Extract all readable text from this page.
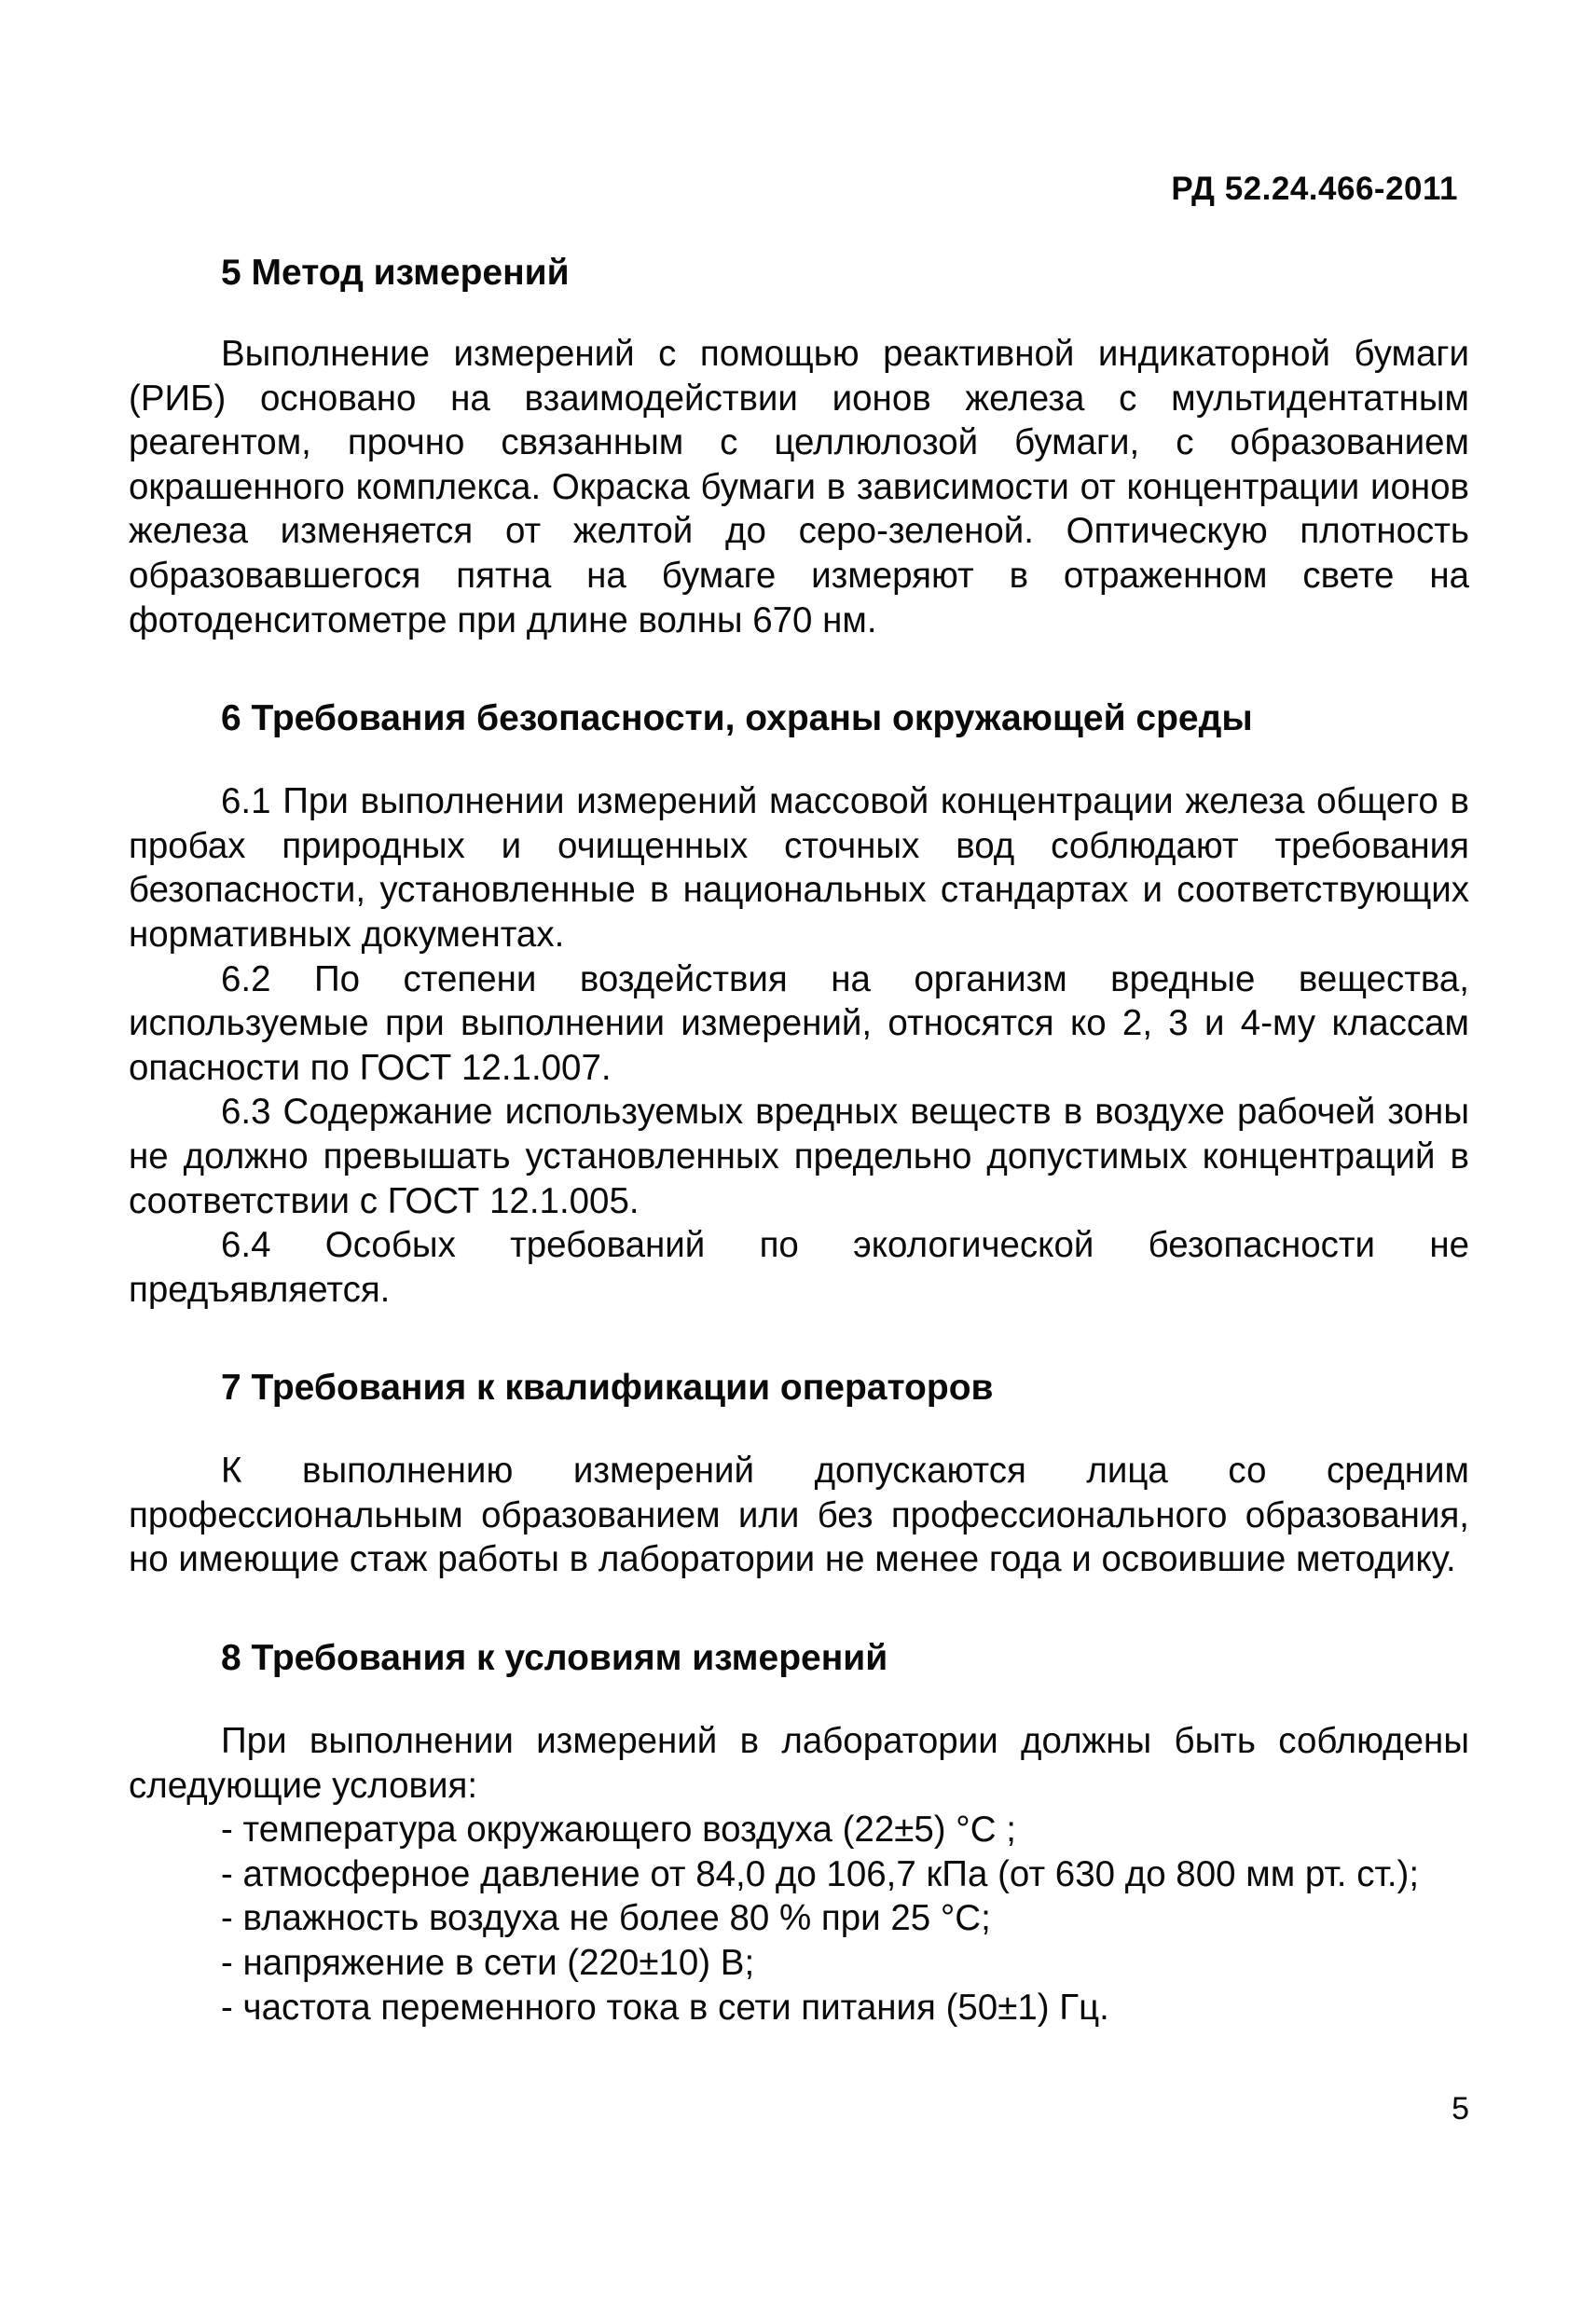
РД 52.24.466-2011
5 Метод измерений

Выполнение измерений с помощью реактивной индикаторной бумаги (РИБ) основано на взаимодействии ионов железа с мультидентатным реагентом, прочно связанным с целлюлозой бумаги, с образованием окрашенного комплекса. Окраска бумаги в зависимости от концентрации ионов железа изменяется от желтой до серо-зеленой. Оптическую плотность образовавшегося пятна на бумаге измеряют в отраженном свете на фотоденситометре при длине волны 670 нм.

6 Требования безопасности, охраны окружающей среды

6.1 При выполнении измерений массовой концентрации железа общего в пробах природных и очищенных сточных вод соблюдают требования безопасности, установленные в национальных стандартах и соответствующих нормативных документах.

6.2 По степени воздействия на организм вредные вещества, используемые при выполнении измерений, относятся ко 2, 3 и 4-му классам опасности по ГОСТ 12.1.007.

6.3 Содержание используемых вредных веществ в воздухе рабочей зоны не должно превышать установленных предельно допустимых концентраций в соответствии с ГОСТ 12.1.005.

6.4 Особых требований по экологической безопасности не предъявляется.

7 Требования к квалификации операторов

К выполнению измерений допускаются лица со средним профессиональным образованием или без профессионального образования, но имеющие стаж работы в лаборатории не менее года и освоившие методику.

8 Требования к условиям измерений

При выполнении измерений в лаборатории должны быть соблюдены следующие условия:

- температура окружающего воздуха (22±5) °С ;

- атмосферное давление от 84,0 до 106,7 кПа (от 630 до 800 мм рт. ст.);

- влажность воздуха не более 80 % при 25 °С;

- напряжение в сети (220±10) В;

- частота переменного тока в сети питания (50±1) Гц.

5
